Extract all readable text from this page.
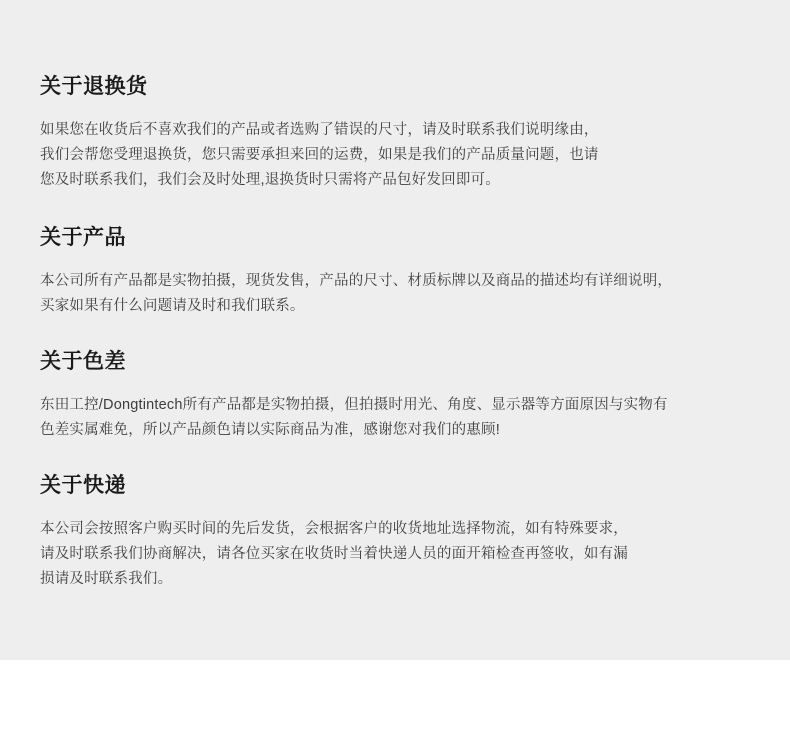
关于退换货

如果您在收货后不喜欢我们的产品或者选购了错误的尺寸，请及时联系我们说明缘由，
我们会帮您受理退换货，您只需要承担来回的运费，如果是我们的产品质量问题，也请
您及时联系我们，我们会及时处理,退换货时只需将产品包好发回即可。

关于产品

本公司所有产品都是实物拍摄，现货发售，产品的尺寸、材质标牌以及商品的描述均有详细说明，
买家如果有什么问题请及时和我们联系。

关于色差

东田工控/Dongtintech所有产品都是实物拍摄，但拍摄时用光、角度、显示器等方面原因与实物有
色差实属难免，所以产品颜色请以实际商品为准，感谢您对我们的惠顾!

关于快递

本公司会按照客户购买时间的先后发货，会根据客户的收货地址选择物流，如有特殊要求，
请及时联系我们协商解决，请各位买家在收货时当着快递人员的面开箱检查再签收，如有漏
损请及时联系我们。
